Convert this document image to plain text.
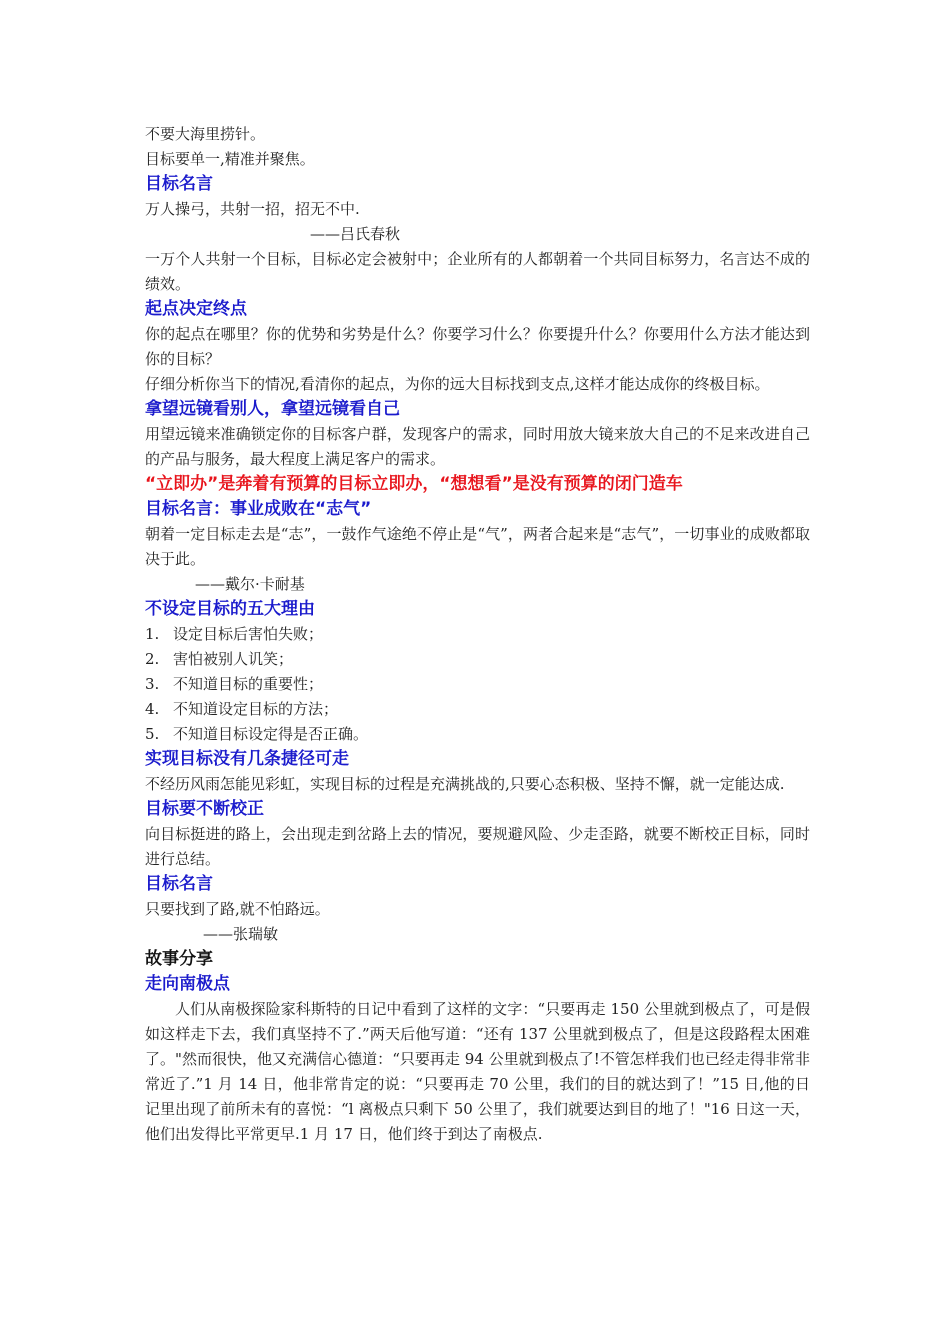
不要大海里捞针。

目标要单一,精准并聚焦。

目标名言

万人操弓，共射一招，招无不中.

——吕氏春秋

一万个人共射一个目标，目标必定会被射中；企业所有的人都朝着一个共同目标努力，名言达不成的绩效。

起点决定终点

你的起点在哪里？你的优势和劣势是什么？你要学习什么？你要提升什么？你要用什么方法才能达到你的目标？

仔细分析你当下的情况,看清你的起点，为你的远大目标找到支点,这样才能达成你的终极目标。

拿望远镜看别人，拿望远镜看自己

用望远镜来准确锁定你的目标客户群，发现客户的需求，同时用放大镜来放大自己的不足来改进自己的产品与服务，最大程度上满足客户的需求。

“立即办”是奔着有预算的目标立即办，“想想看”是没有预算的闭门造车

目标名言：事业成败在“志气”

朝着一定目标走去是“志”，一鼓作气途绝不停止是“气”，两者合起来是“志气”，一切事业的成败都取决于此。

——戴尔·卡耐基

不设定目标的五大理由

1. 设定目标后害怕失败；
2. 害怕被别人讥笑；
3. 不知道目标的重要性；
4. 不知道设定目标的方法；
5. 不知道目标设定得是否正确。

实现目标没有几条捷径可走

不经历风雨怎能见彩虹，实现目标的过程是充满挑战的,只要心态积极、坚持不懈，就一定能达成.

目标要不断校正

向目标挺进的路上，会出现走到岔路上去的情况，要规避风险、少走歪路，就要不断校正目标，同时进行总结。

目标名言

只要找到了路,就不怕路远。

——张瑞敏

故事分享

走向南极点

人们从南极探险家科斯特的日记中看到了这样的文字：“只要再走 150 公里就到极点了，可是假如这样走下去，我们真坚持不了.”两天后他写道：“还有 137 公里就到极点了，但是这段路程太困难了。"然而很快，他又充满信心德道：“只要再走 94 公里就到极点了!不管怎样我们也已经走得非常非常近了.”1 月 14 日，他非常肯定的说：“只要再走 70 公里，我们的目的就达到了！”15 日,他的日记里出现了前所未有的喜悦：“l 离极点只剩下 50 公里了，我们就要达到目的地了！"16 日这一天，他们出发得比平常更早.1 月 17 日，他们终于到达了南极点.
